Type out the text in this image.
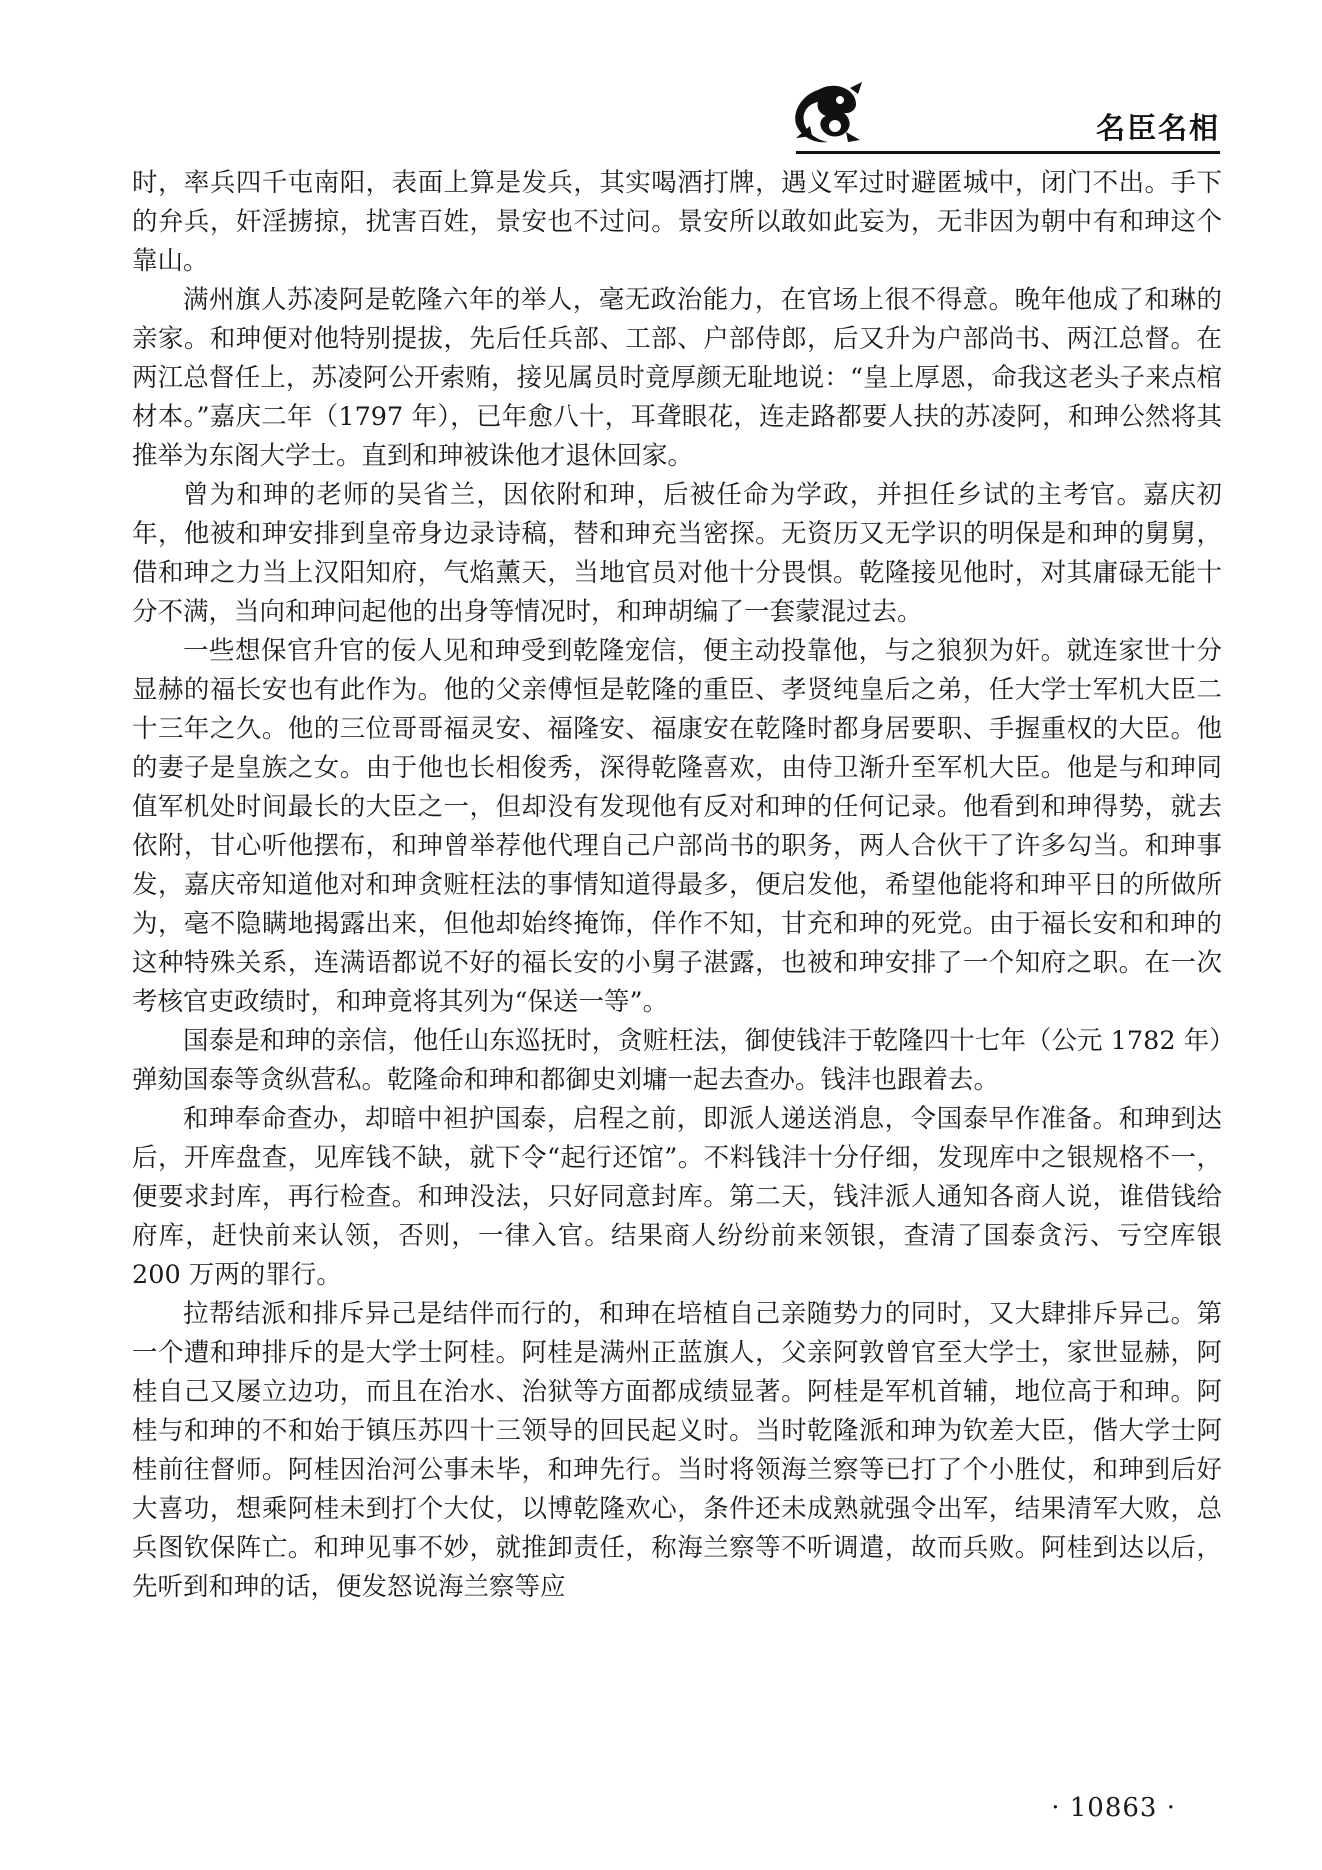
名臣名相

时，率兵四千屯南阳，表面上算是发兵，其实喝酒打牌，遇义军过时避匿城中，闭门不出。手下的弁兵，奸淫掳掠，扰害百姓，景安也不过问。景安所以敢如此妄为，无非因为朝中有和珅这个靠山。

满州旗人苏凌阿是乾隆六年的举人，毫无政治能力，在官场上很不得意。晚年他成了和琳的亲家。和珅便对他特别提拔，先后任兵部、工部、户部侍郎，后又升为户部尚书、两江总督。在两江总督任上，苏凌阿公开索贿，接见属员时竟厚颜无耻地说：“皇上厚恩，命我这老头子来点棺材本。”嘉庆二年（1797 年），已年愈八十，耳聋眼花，连走路都要人扶的苏凌阿，和珅公然将其推举为东阁大学士。直到和珅被诛他才退休回家。

曾为和珅的老师的吴省兰，因依附和珅，后被任命为学政，并担任乡试的主考官。嘉庆初年，他被和珅安排到皇帝身边录诗稿，替和珅充当密探。无资历又无学识的明保是和珅的舅舅，借和珅之力当上汉阳知府，气焰薰天，当地官员对他十分畏惧。乾隆接见他时，对其庸碌无能十分不满，当向和珅问起他的出身等情况时，和珅胡编了一套蒙混过去。

一些想保官升官的佞人见和珅受到乾隆宠信，便主动投靠他，与之狼狈为奸。就连家世十分显赫的福长安也有此作为。他的父亲傅恒是乾隆的重臣、孝贤纯皇后之弟，任大学士军机大臣二十三年之久。他的三位哥哥福灵安、福隆安、福康安在乾隆时都身居要职、手握重权的大臣。他的妻子是皇族之女。由于他也长相俊秀，深得乾隆喜欢，由侍卫渐升至军机大臣。他是与和珅同值军机处时间最长的大臣之一，但却没有发现他有反对和珅的任何记录。他看到和珅得势，就去依附，甘心听他摆布，和珅曾举荐他代理自己户部尚书的职务，两人合伙干了许多勾当。和珅事发，嘉庆帝知道他对和珅贪赃枉法的事情知道得最多，便启发他，希望他能将和珅平日的所做所为，毫不隐瞒地揭露出来，但他却始终掩饰，佯作不知，甘充和珅的死党。由于福长安和和珅的这种特殊关系，连满语都说不好的福长安的小舅子湛露，也被和珅安排了一个知府之职。在一次考核官吏政绩时，和珅竟将其列为“保送一等”。

国泰是和珅的亲信，他任山东巡抚时，贪赃枉法，御使钱沣于乾隆四十七年（公元 1782 年）弹劾国泰等贪纵营私。乾隆命和珅和都御史刘墉一起去查办。钱沣也跟着去。

和珅奉命查办，却暗中袒护国泰，启程之前，即派人递送消息，令国泰早作准备。和珅到达后，开库盘查，见库钱不缺，就下令“起行还馆”。不料钱沣十分仔细，发现库中之银规格不一，便要求封库，再行检查。和珅没法，只好同意封库。第二天，钱沣派人通知各商人说，谁借钱给府库，赶快前来认领，否则，一律入官。结果商人纷纷前来领银，查清了国泰贪污、亏空库银 200 万两的罪行。

拉帮结派和排斥异己是结伴而行的，和珅在培植自己亲随势力的同时，又大肆排斥异己。第一个遭和珅排斥的是大学士阿桂。阿桂是满州正蓝旗人，父亲阿敦曾官至大学士，家世显赫，阿桂自己又屡立边功，而且在治水、治狱等方面都成绩显著。阿桂是军机首辅，地位高于和珅。阿桂与和珅的不和始于镇压苏四十三领导的回民起义时。当时乾隆派和珅为钦差大臣，偕大学士阿桂前往督师。阿桂因治河公事未毕，和珅先行。当时将领海兰察等已打了个小胜仗，和珅到后好大喜功，想乘阿桂未到打个大仗，以博乾隆欢心，条件还未成熟就强令出军，结果清军大败，总兵图钦保阵亡。和珅见事不妙，就推卸责任，称海兰察等不听调遣，故而兵败。阿桂到达以后，先听到和珅的话，便发怒说海兰察等应

· 10863 ·
